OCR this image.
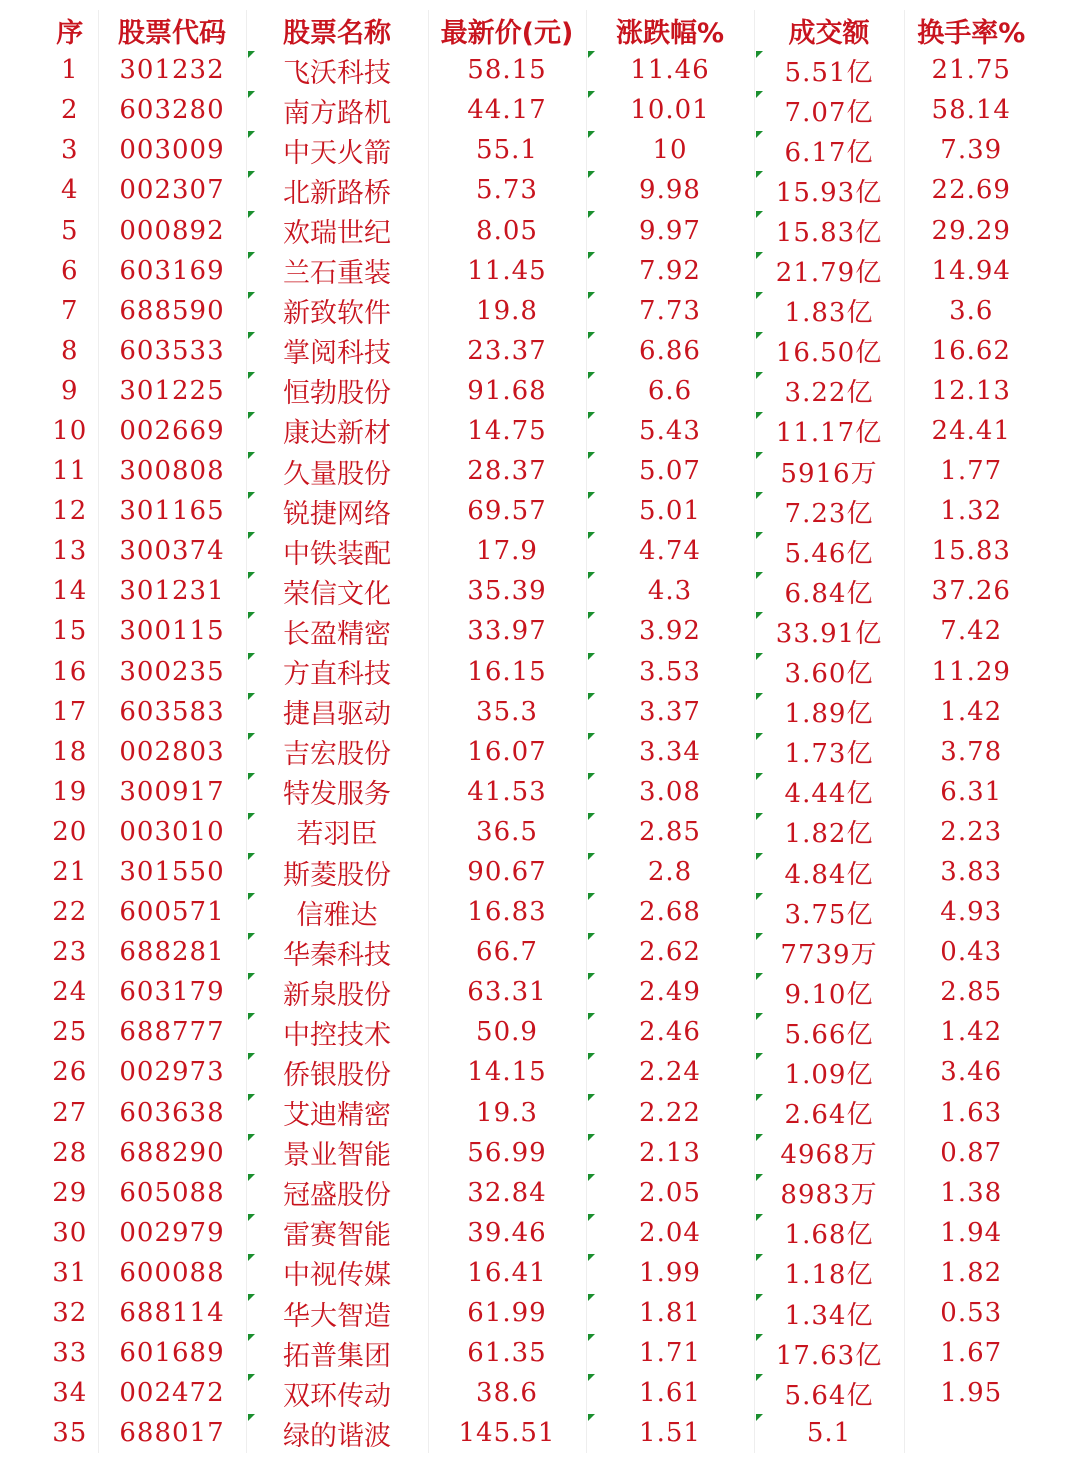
序	股票代码	股票名称	最新价(元)	涨跌幅%	成交额	换手率%
1	301232	飞沃科技	58.15	11.46	5.51亿	21.75
2	603280	南方路机	44.17	10.01	7.07亿	58.14
3	003009	中天火箭	55.1	10	6.17亿	7.39
4	002307	北新路桥	5.73	9.98	15.93亿	22.69
5	000892	欢瑞世纪	8.05	9.97	15.83亿	29.29
6	603169	兰石重装	11.45	7.92	21.79亿	14.94
7	688590	新致软件	19.8	7.73	1.83亿	3.6
8	603533	掌阅科技	23.37	6.86	16.50亿	16.62
9	301225	恒勃股份	91.68	6.6	3.22亿	12.13
10	002669	康达新材	14.75	5.43	11.17亿	24.41
11	300808	久量股份	28.37	5.07	5916万	1.77
12	301165	锐捷网络	69.57	5.01	7.23亿	1.32
13	300374	中铁装配	17.9	4.74	5.46亿	15.83
14	301231	荣信文化	35.39	4.3	6.84亿	37.26
15	300115	长盈精密	33.97	3.92	33.91亿	7.42
16	300235	方直科技	16.15	3.53	3.60亿	11.29
17	603583	捷昌驱动	35.3	3.37	1.89亿	1.42
18	002803	吉宏股份	16.07	3.34	1.73亿	3.78
19	300917	特发服务	41.53	3.08	4.44亿	6.31
20	003010	若羽臣	36.5	2.85	1.82亿	2.23
21	301550	斯菱股份	90.67	2.8	4.84亿	3.83
22	600571	信雅达	16.83	2.68	3.75亿	4.93
23	688281	华秦科技	66.7	2.62	7739万	0.43
24	603179	新泉股份	63.31	2.49	9.10亿	2.85
25	688777	中控技术	50.9	2.46	5.66亿	1.42
26	002973	侨银股份	14.15	2.24	1.09亿	3.46
27	603638	艾迪精密	19.3	2.22	2.64亿	1.63
28	688290	景业智能	56.99	2.13	4968万	0.87
29	605088	冠盛股份	32.84	2.05	8983万	1.38
30	002979	雷赛智能	39.46	2.04	1.68亿	1.94
31	600088	中视传媒	16.41	1.99	1.18亿	1.82
32	688114	华大智造	61.99	1.81	1.34亿	0.53
33	601689	拓普集团	61.35	1.71	17.63亿	1.67
34	002472	双环传动	38.6	1.61	5.64亿	1.95
35	688017	绿的谐波	145.51	1.51	5.1	
